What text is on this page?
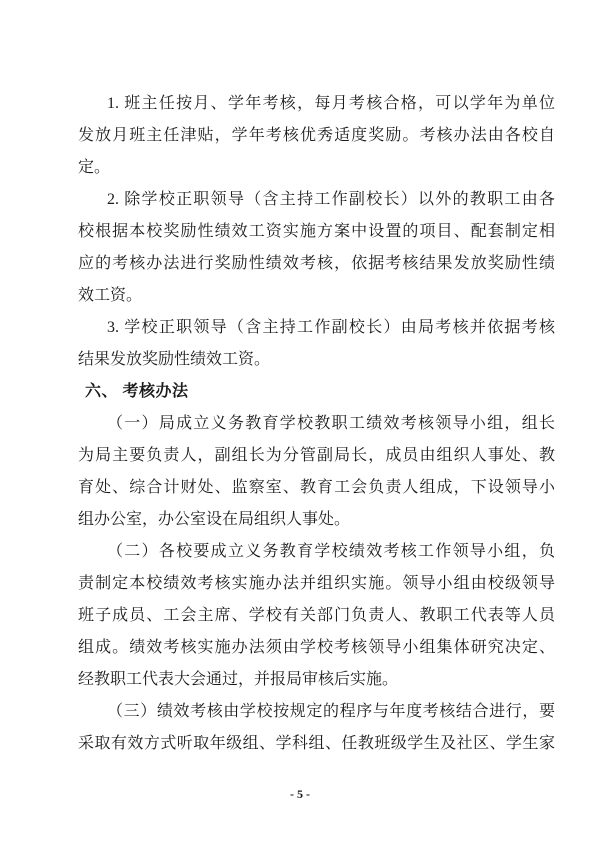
1. 班主任按月、学年考核，每月考核合格，可以学年为单位
发放月班主任津贴，学年考核优秀适度奖励。考核办法由各校自
定。
2. 除学校正职领导（含主持工作副校长）以外的教职工由各
校根据本校奖励性绩效工资实施方案中设置的项目、配套制定相
应的考核办法进行奖励性绩效考核，依据考核结果发放奖励性绩
效工资。
3. 学校正职领导（含主持工作副校长）由局考核并依据考核
结果发放奖励性绩效工资。
六、 考核办法
（一）局成立义务教育学校教职工绩效考核领导小组，组长
为局主要负责人，副组长为分管副局长，成员由组织人事处、教
育处、综合计财处、监察室、教育工会负责人组成，下设领导小
组办公室，办公室设在局组织人事处。
（二）各校要成立义务教育学校绩效考核工作领导小组，负
责制定本校绩效考核实施办法并组织实施。领导小组由校级领导
班子成员、工会主席、学校有关部门负责人、教职工代表等人员
组成。绩效考核实施办法须由学校考核领导小组集体研究决定、
经教职工代表大会通过，并报局审核后实施。
（三）绩效考核由学校按规定的程序与年度考核结合进行，要
采取有效方式听取年级组、学科组、任教班级学生及社区、学生家
- 5 -
